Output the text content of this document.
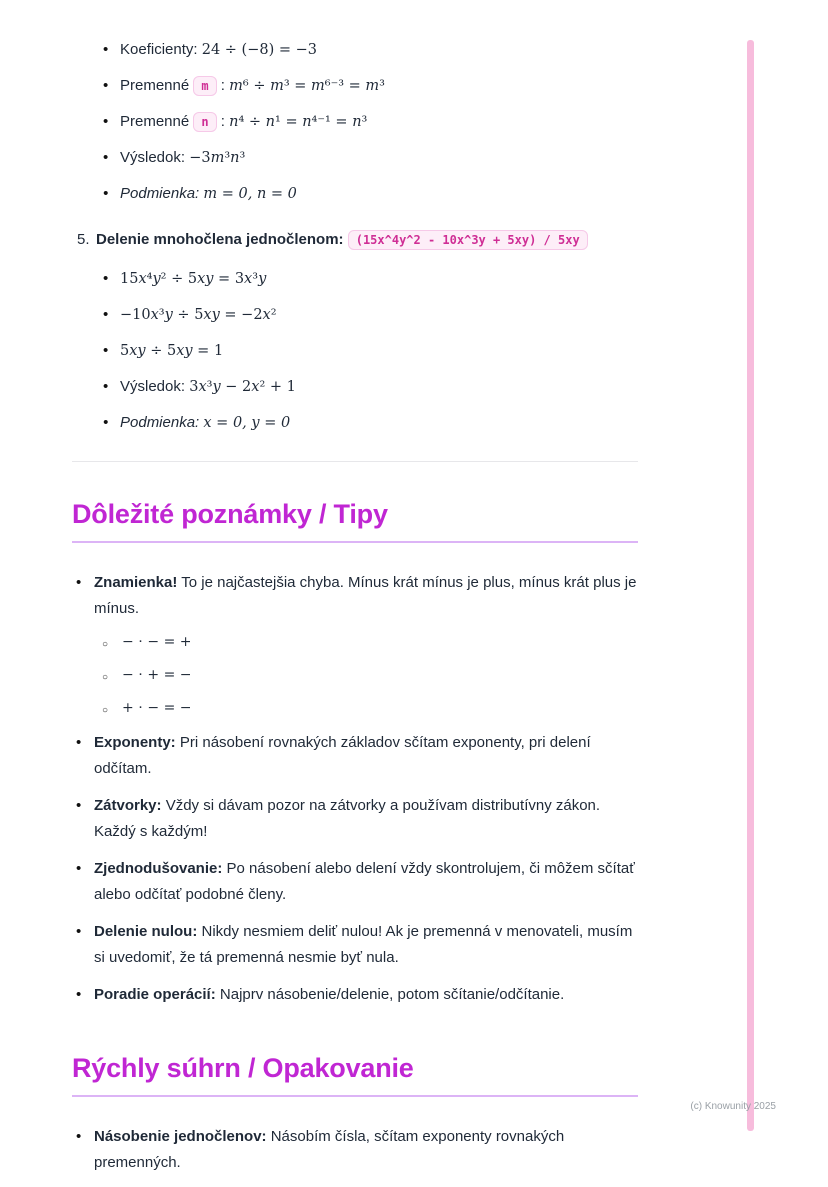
• Koeficienty: 24 ÷ (−8) = −3
• Premenné m : m⁶ ÷ m³ = m⁶⁻³ = m³
• Premenné n : n⁴ ÷ n¹ = n⁴⁻¹ = n³
• Výsledok: −3m³n³
• Podmienka: m = 0, n = 0
5. Delenie mnohočlena jednočlenom: (15x^4y^2 - 10x^3y + 5xy) / 5xy
• 15x⁴y² ÷ 5xy = 3x³y
• −10x³y ÷ 5xy = −2x²
• 5xy ÷ 5xy = 1
• Výsledok: 3x³y − 2x² + 1
• Podmienka: x = 0, y = 0
Dôležité poznámky / Tipy
• Znamienka! To je najčastejšia chyba. Mínus krát mínus je plus, mínus krát plus je mínus.
○ − ⋅ − = +
○ − ⋅ + = −
○ + ⋅ − = −
• Exponenty: Pri násobení rovnakých základov sčítam exponenty, pri delení odčítam.
• Zátvorky: Vždy si dávam pozor na zátvorky a používam distributívny zákon. Každý s každým!
• Zjednodušovanie: Po násobení alebo delení vždy skontrolujem, či môžem sčítať alebo odčítať podobné členy.
• Delenie nulou: Nikdy nesmiem deliť nulou! Ak je premenná v menovateli, musím si uvedomiť, že tá premenná nesmie byť nula.
• Poradie operácií: Najprv násobenie/delenie, potom sčítanie/odčítanie.
Rýchly súhrn / Opakovanie
• Násobenie jednočlenov: Násobím čísla, sčítam exponenty rovnakých premenných.
(c) Knowunity 2025
